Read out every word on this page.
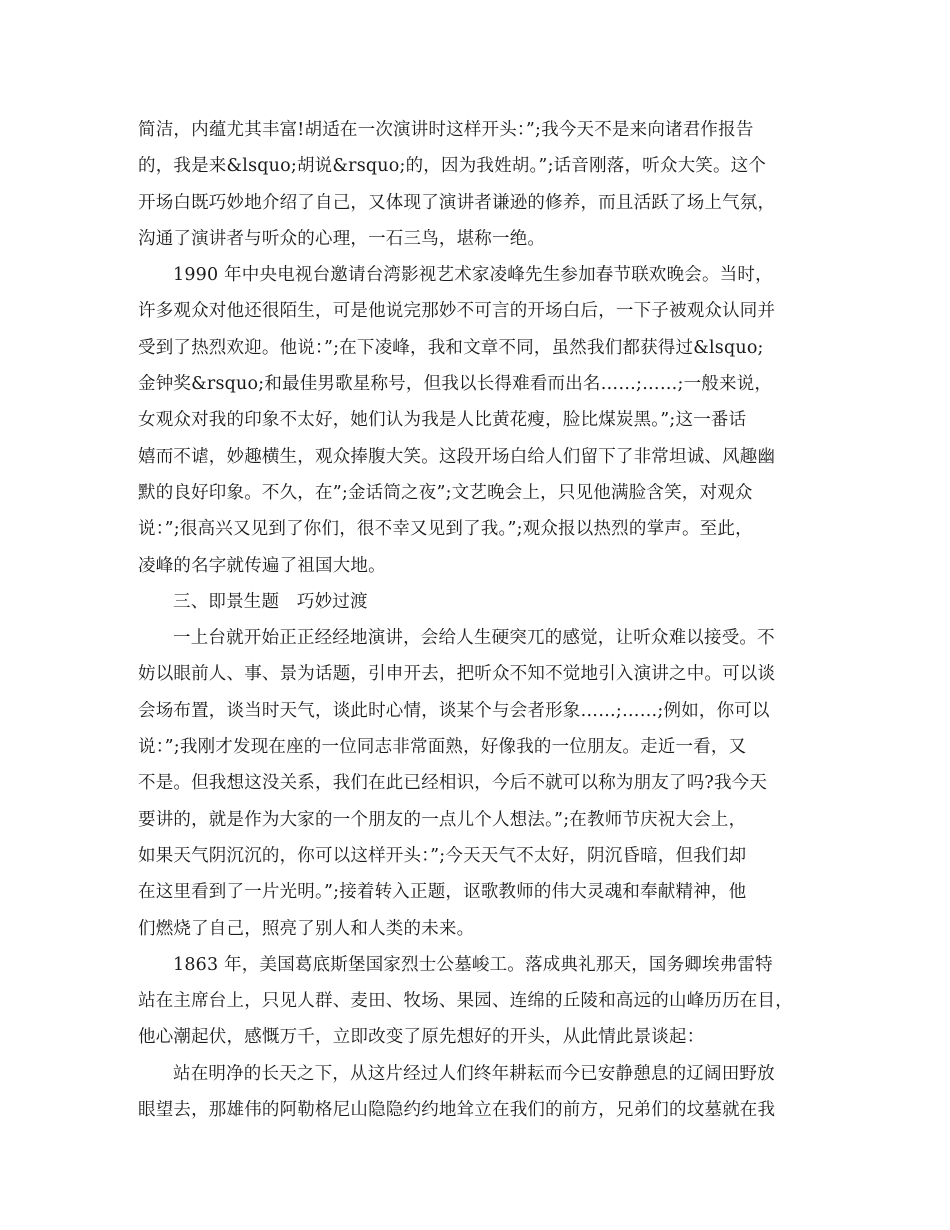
简洁，内蕴尤其丰富!胡适在一次演讲时这样开头：”;我今天不是来向诸君作报告
的，我是来&lsquo;胡说&rsquo;的，因为我姓胡。”;话音刚落，听众大笑。这个
开场白既巧妙地介绍了自己，又体现了演讲者谦逊的修养，而且活跃了场上气氛，
沟通了演讲者与听众的心理，一石三鸟，堪称一绝。
1990 年中央电视台邀请台湾影视艺术家凌峰先生参加春节联欢晚会。当时，
许多观众对他还很陌生，可是他说完那妙不可言的开场白后，一下子被观众认同并
受到了热烈欢迎。他说：”;在下凌峰，我和文章不同，虽然我们都获得过&lsquo;
金钟奖&rsquo;和最佳男歌星称号，但我以长得难看而出名……;……;一般来说，
女观众对我的印象不太好，她们认为我是人比黄花瘦，脸比煤炭黑。”;这一番话
嬉而不谑，妙趣横生，观众捧腹大笑。这段开场白给人们留下了非常坦诚、风趣幽
默的良好印象。不久，在”;金话筒之夜”;文艺晚会上，只见他满脸含笑，对观众
说：”;很高兴又见到了你们，很不幸又见到了我。”;观众报以热烈的掌声。至此，
凌峰的名字就传遍了祖国大地。
三、即景生题　巧妙过渡
一上台就开始正正经经地演讲，会给人生硬突兀的感觉，让听众难以接受。不
妨以眼前人、事、景为话题，引申开去，把听众不知不觉地引入演讲之中。可以谈
会场布置，谈当时天气，谈此时心情，谈某个与会者形象……;……;例如，你可以
说：”;我刚才发现在座的一位同志非常面熟，好像我的一位朋友。走近一看，又
不是。但我想这没关系，我们在此已经相识，今后不就可以称为朋友了吗?我今天
要讲的，就是作为大家的一个朋友的一点儿个人想法。”;在教师节庆祝大会上，
如果天气阴沉沉的，你可以这样开头：”;今天天气不太好，阴沉昏暗，但我们却
在这里看到了一片光明。”;接着转入正题，讴歌教师的伟大灵魂和奉献精神，他
们燃烧了自己，照亮了别人和人类的未来。
1863 年，美国葛底斯堡国家烈士公墓峻工。落成典礼那天，国务卿埃弗雷特
站在主席台上，只见人群、麦田、牧场、果园、连绵的丘陵和高远的山峰历历在目，
他心潮起伏，感慨万千，立即改变了原先想好的开头，从此情此景谈起：
站在明净的长天之下，从这片经过人们终年耕耘而今已安静憩息的辽阔田野放
眼望去，那雄伟的阿勒格尼山隐隐约约地耸立在我们的前方，兄弟们的坟墓就在我
